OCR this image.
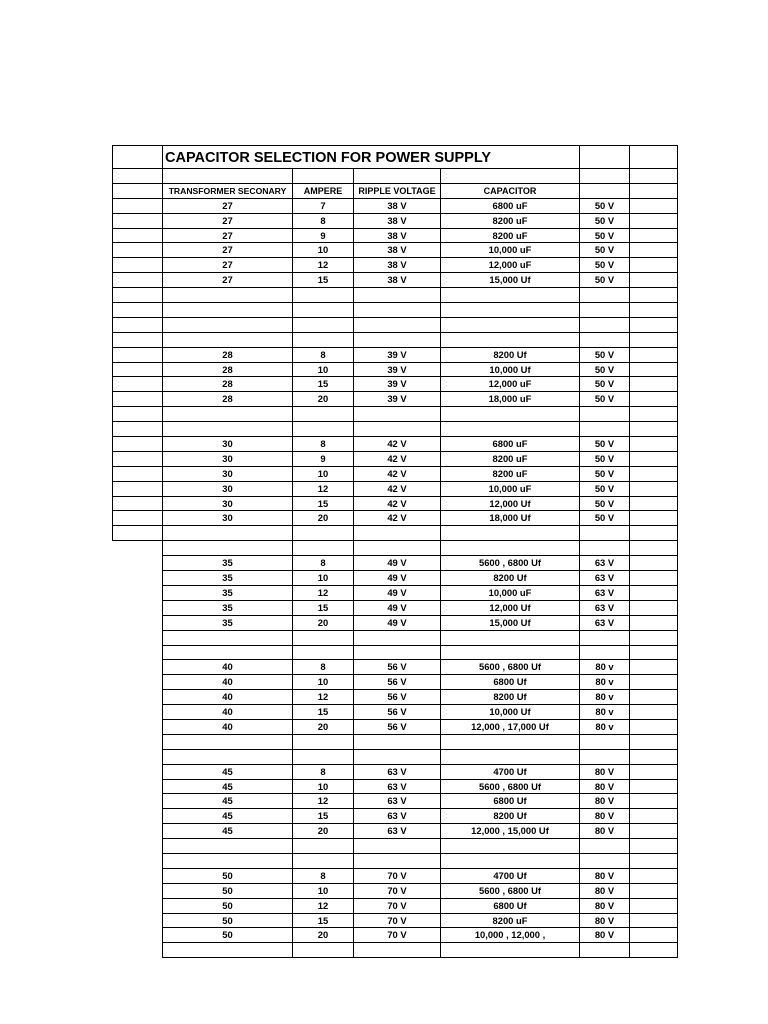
CAPACITOR SELECTION FOR POWER SUPPLY
TRANSFORMER SECONARY	AMPERE	RIPPLE VOLTAGE	CAPACITOR
27	7	38 V	6800 uF	50 V
27	8	38 V	8200 uF	50 V
27	9	38 V	8200 uF	50 V
27	10	38 V	10,000 uF	50 V
27	12	38 V	12,000 uF	50 V
27	15	38 V	15,000 Uf	50 V
28	8	39 V	8200 Uf	50 V
28	10	39 V	10,000 Uf	50 V
28	15	39 V	12,000 uF	50 V
28	20	39 V	18,000 uF	50 V
30	8	42 V	6800 uF	50 V
30	9	42 V	8200 uF	50 V
30	10	42 V	8200 uF	50 V
30	12	42 V	10,000 uF	50 V
30	15	42 V	12,000 Uf	50 V
30	20	42 V	18,000 Uf	50 V
35	8	49 V	5600 , 6800 Uf	63 V
35	10	49 V	8200 Uf	63 V
35	12	49 V	10,000 uF	63 V
35	15	49 V	12,000 Uf	63 V
35	20	49 V	15,000 Uf	63 V
40	8	56 V	5600 , 6800 Uf	80 v
40	10	56 V	6800 Uf	80 v
40	12	56 V	8200 Uf	80 v
40	15	56 V	10,000 Uf	80 v
40	20	56 V	12,000 , 17,000 Uf	80 v
45	8	63 V	4700 Uf	80 V
45	10	63 V	5600 , 6800 Uf	80 V
45	12	63 V	6800 Uf	80 V
45	15	63 V	8200 Uf	80 V
45	20	63 V	12,000 , 15,000 Uf	80 V
50	8	70 V	4700 Uf	80 V
50	10	70 V	5600 , 6800 Uf	80 V
50	12	70 V	6800 Uf	80 V
50	15	70 V	8200 uF	80 V
50	20	70 V	10,000 , 12,000 ,	80 V
